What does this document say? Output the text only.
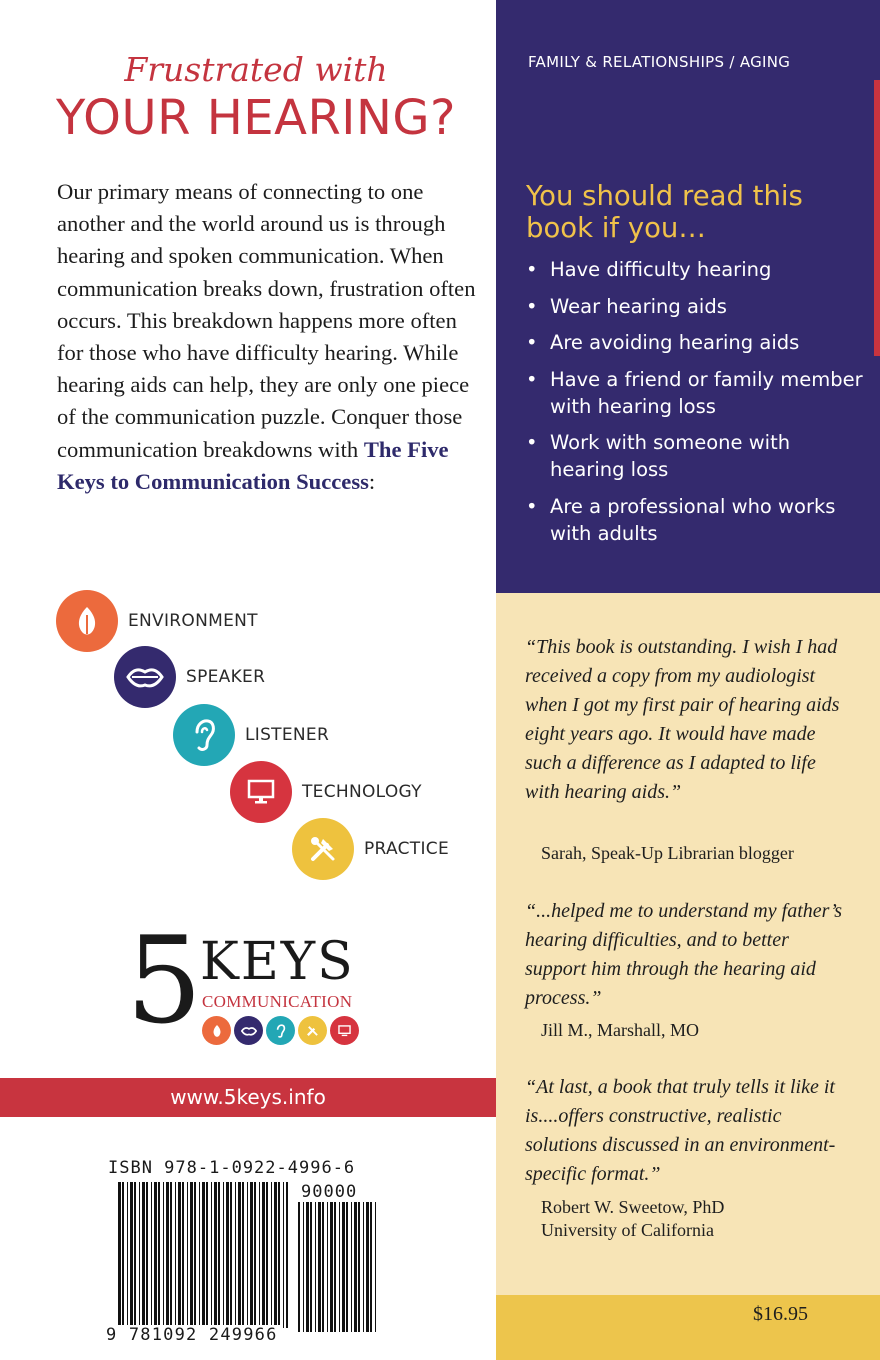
Frustrated with
YOUR HEARING?

Our primary means of connecting to one another and the world around us is through hearing and spoken communication. When communication breaks down, frustration often occurs. This breakdown happens more often for those who have difficulty hearing. While hearing aids can help, they are only one piece of the communication puzzle. Conquer those communication breakdowns with The Five Keys to Communication Success:

ENVIRONMENT
SPEAKER
LISTENER
TECHNOLOGY
PRACTICE
5
KEYS
COMMUNICATION
www.5keys.info
ISBN 978-1-0922-4996-6
90000
9 781092 249966
FAMILY & RELATIONSHIPS / AGING
You should read this book if you…
• Have difficulty hearing
• Wear hearing aids
• Are avoiding hearing aids
• Have a friend or family member with hearing loss
• Work with someone with hearing loss
• Are a professional who works with adults
“This book is outstanding. I wish I had received a copy from my audiologist when I got my first pair of hearing aids eight years ago. It would have made such a difference as I adapted to life with hearing aids.”
Sarah, Speak-Up Librarian blogger
“...helped me to understand my father’s hearing difficulties, and to better support him through the hearing aid process.”
Jill M., Marshall, MO
“At last, a book that truly tells it like it is....offers constructive, realistic solutions discussed in an environment-specific format.”
Robert W. Sweetow, PhD
University of California
$16.95
